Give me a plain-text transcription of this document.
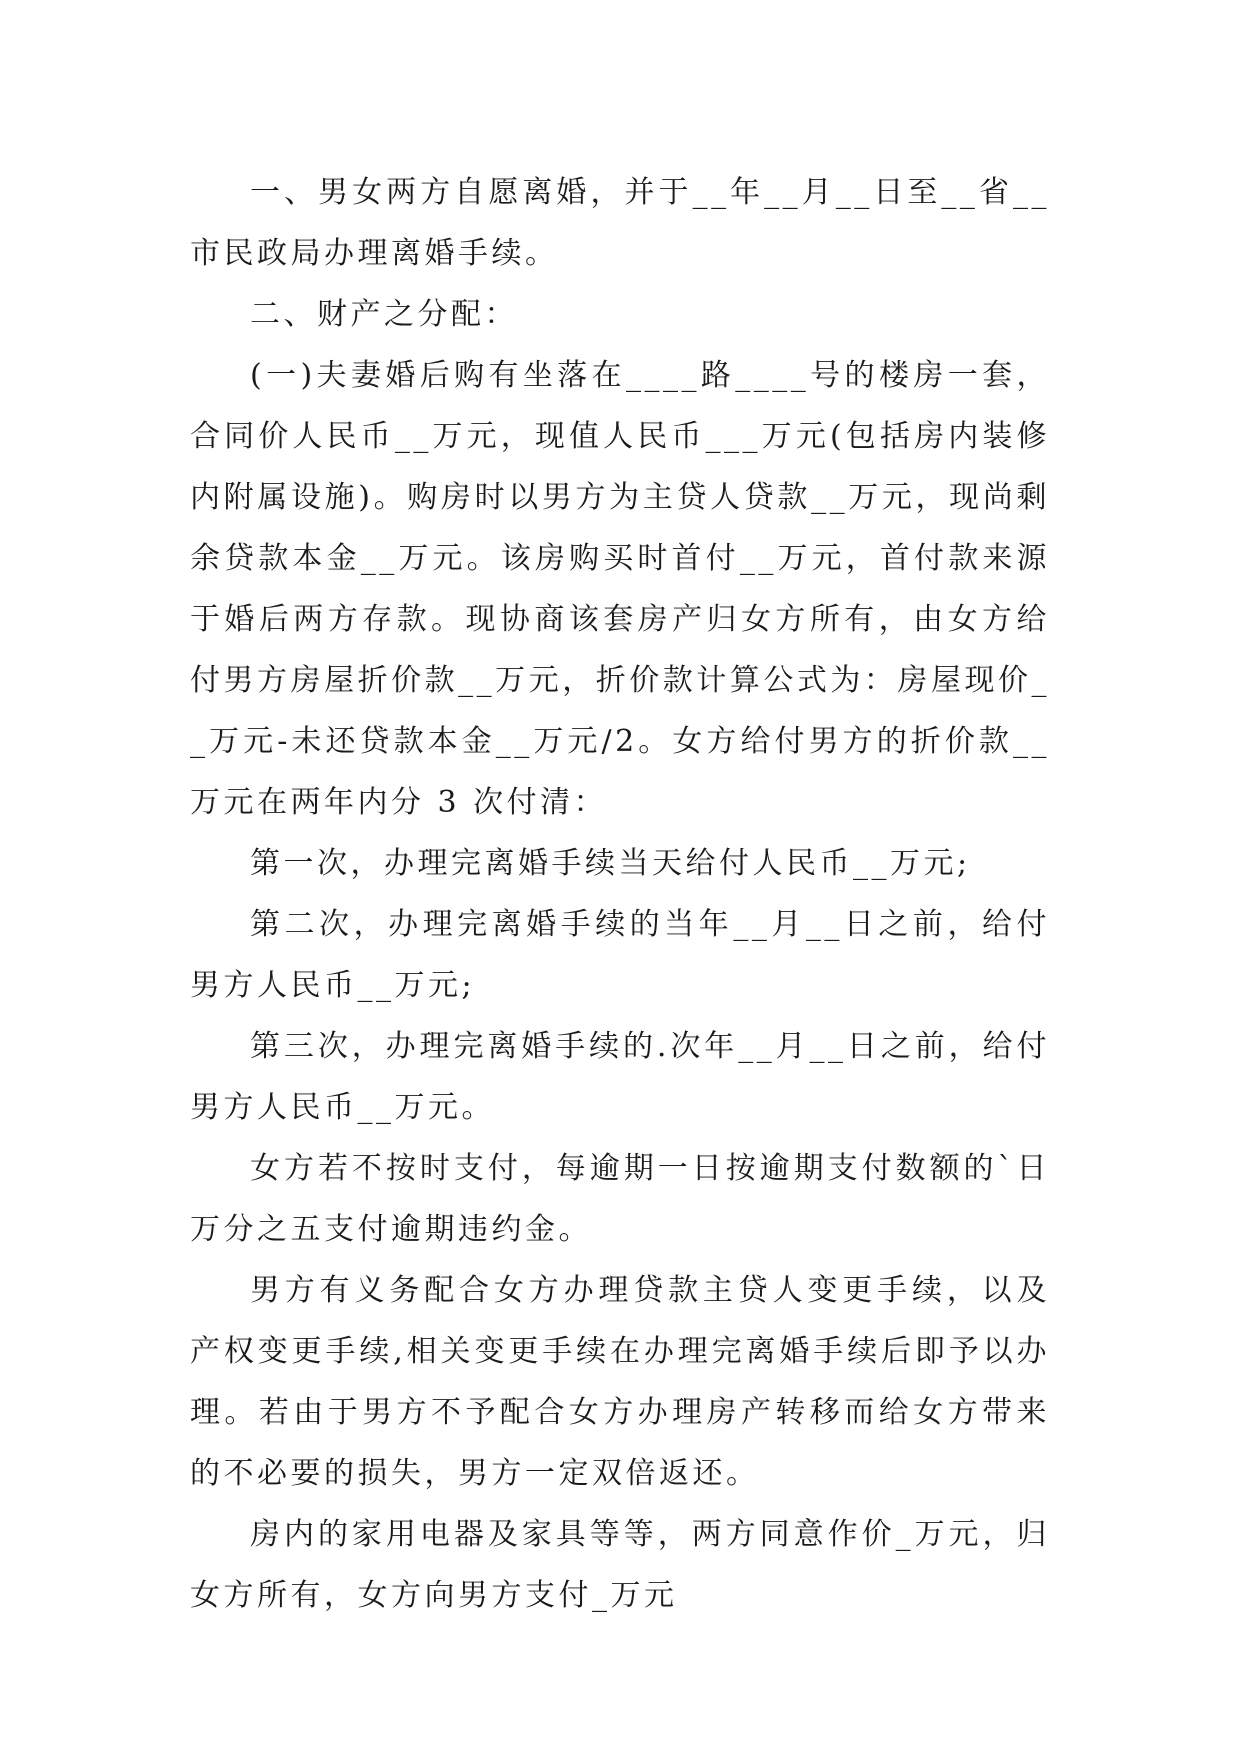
一、男女两方自愿离婚，并于__年__月__日至__省__市民政局办理离婚手续。

二、财产之分配：

(一)夫妻婚后购有坐落在____路____号的楼房一套，合同价人民币__万元，现值人民币___万元(包括房内装修内附属设施)。购房时以男方为主贷人贷款__万元，现尚剩余贷款本金__万元。该房购买时首付__万元，首付款来源于婚后两方存款。现协商该套房产归女方所有，由女方给付男方房屋折价款__万元，折价款计算公式为：房屋现价__万元-未还贷款本金__万元/2。女方给付男方的折价款__万元在两年内分 3 次付清：

第一次，办理完离婚手续当天给付人民币__万元;

第二次，办理完离婚手续的当年__月__日之前，给付男方人民币__万元;

第三次，办理完离婚手续的.次年__月__日之前，给付男方人民币__万元。

女方若不按时支付，每逾期一日按逾期支付数额的`日万分之五支付逾期违约金。

男方有义务配合女方办理贷款主贷人变更手续，以及产权变更手续,相关变更手续在办理完离婚手续后即予以办理。若由于男方不予配合女方办理房产转移而给女方带来的不必要的损失，男方一定双倍返还。

房内的家用电器及家具等等，两方同意作价_万元，归女方所有，女方向男方支付_万元
